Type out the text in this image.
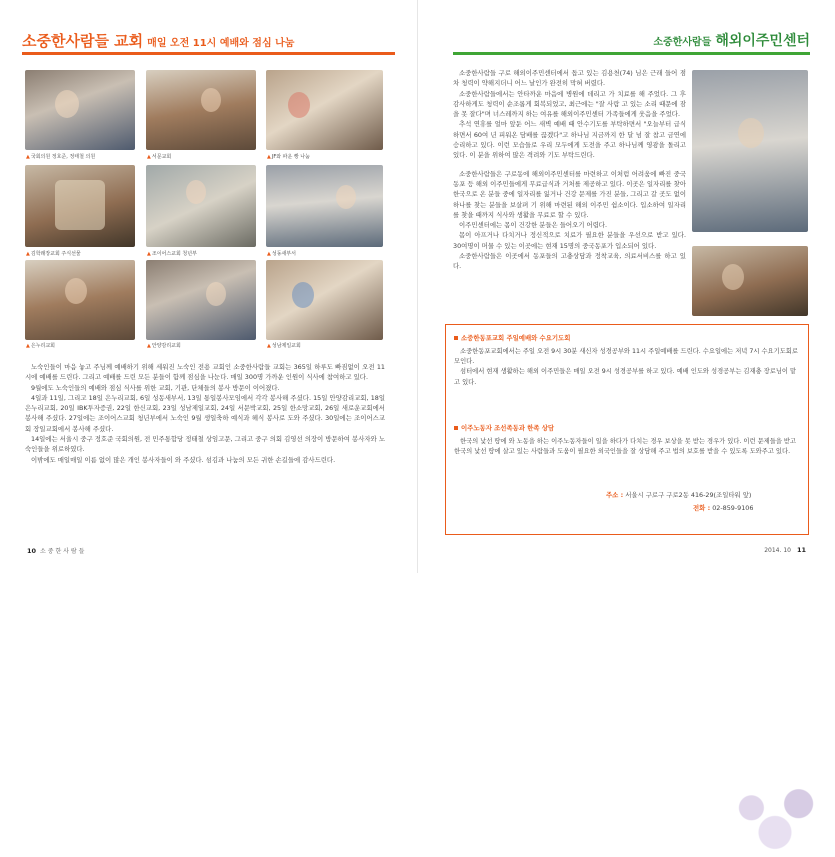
소중한사람들 교회 매일 오전 11시 예배와 점심 나눔
▲국회의원 정호준, 정태철 의원	▲서문교회	▲JF와 파운 빵 나눔
▲김학래장교회 주식선물	▲조이어스교회 청년부	▲성동새부서
▲은누리교회	▲안양감리교회	▲성남제일교회

노숙인들이 마음 놓고 주님께 예배하기 위해 세워진 노숙인 전용 교회인 소중한사람들 교회는 365일 하루도 빠짐없이 오전 11시에 예배를 드린다. 그리고 예배를 드린 모든 분들이 함께 점심을 나눈다. 매일 300명 가까운 인원이 식사에 참여하고 있다.

9월에도 노숙인들의 예배와 점심 식사를 위한 교회, 기관, 단체들의 봉사 방문이 이어졌다.

4일과 11일, 그리고 18일 은누리교회, 6일 성동새부서, 13일 통일봉사모임에서 각각 봉사해 주셨다. 15일 안양감리교회, 18일 은누리교회, 20일 IBK투자증권, 22일 한신교회, 23일 성남제일교회, 24일 서문박교회, 25일 한소망교회, 26일 새로운교회에서 봉사해 주셨다. 27일에는 조이어스교회 청년부에서 노숙인 9월 생일축하 예식과 헤식 봉사로 도와 주셨다. 30일에는 조이어스교회 장일교회에서 봉사해 주셨다.

14일에는 서울시 중구 정호준 국회의원, 전 민주통합당 정태철 상임고문, 그리고 중구 의회 김영선 의장이 방문하여 봉사자와 노숙인들을 위로하였다.

이밖에도 매일매일 이름 없이 많은 개인 봉사자들이 와 주셨다. 섬김과 나눔의 모든 귀한 손길들에 감사드린다.

10 소 중 한 사 람 들
소중한사람들 해외이주민센터

소중한사람들 구로 해외이주민센터에서 돕고 있는 김용천(74) 님은 근래 들어 점차 청력이 약해지더니 어느 날인가 완전히 막혀 버렸다.

소중한사람들에서는 안타까운 마음에 병원에 데리고 가 치료를 해 주었다. 그 후 감사하게도 청력이 순조롭게 회복되었고, 최근에는 "잘 사람 고 있는 소리 때문에 잠을 못 잘다"며 너스레까지 하는 여유를 해외이주민센터 가족들에게 웃음을 주었다.

추석 연휴를 얼마 앞둔 어느 새벽 예배 때 안수기도를 부탁하면서 "오늘부터 급식 하면서 60여 년 피워온 담배를 끊겠다"고 하나님 지금까지 한 달 넘 잘 참고 금연에 승리하고 있다. 이런 모습들로 우리 모두에게 도전을 주고 하나님께 영광을 돌리고 있다. 이 분을 위하여 많은 격려와 기도 부탁드린다.

소중한사람들은 구로동에 해외이주민센터를 마련하고 이처럼 어려움에 빠진 중국 동포 등 해외 이주민들에게 무료급식과 거처를 제공하고 있다. 이곳은 일자리를 찾아 한국으로 온 분들 중에 일자리를 잃거나 건강 문제를 가진 분들, 그리고 갈 곳도 없이 하나를 찾는 분들을 보살펴 기 위해 마련된 해외 이주민 쉼소이다. 입소하여 일자리를 찾을 때까지 식사와 생활을 무료로 할 수 있다.

이주민센터에는 몸이 건강한 분들은 들어오기 어렵다.

몸이 아프거나 다치거나 정신적으로 치료가 필요한 분들을 우선으로 받고 있다. 30여명이 머물 수 있는 이곳에는 현재 15명의 중국동포가 입소되어 있다.

소중한사람들은 이곳에서 동포들의 고충상담과 정착교육, 의료서비스를 하고 있다.

소중한동포교회 주일예배와 수요기도회

소중한동포교회에서는 주일 오전 9시 30분 새신자 성경공부와 11시 주일예배를 드린다. 수요일에는 저녁 7시 수요기도회로 모인다.

섬터에서 현재 생활하는 해외 이주민들은 매일 오전 9시 성경공부를 하고 있다. 예배 인도와 성경공부는 김재충 장로님이 맡고 있다.

이주노동자 조선족동과 한족 상담

한국의 낯선 땅에 와 노동을 하는 이주노동자들이 일을 하다가 다치는 경우 보상을 못 받는 경우가 있다. 이런 문제들을 받고 한국의 낯선 땅에 살고 있는 사람들과 도움이 필요한 외국인들을 잘 상담해 주고 법의 보호를 받을 수 있도록 도와주고 있다.

주소 : 서울시 구로구 구로2동 416-29(조일타워 앞)
전화 : 02-859-9106
2014. 10 11
